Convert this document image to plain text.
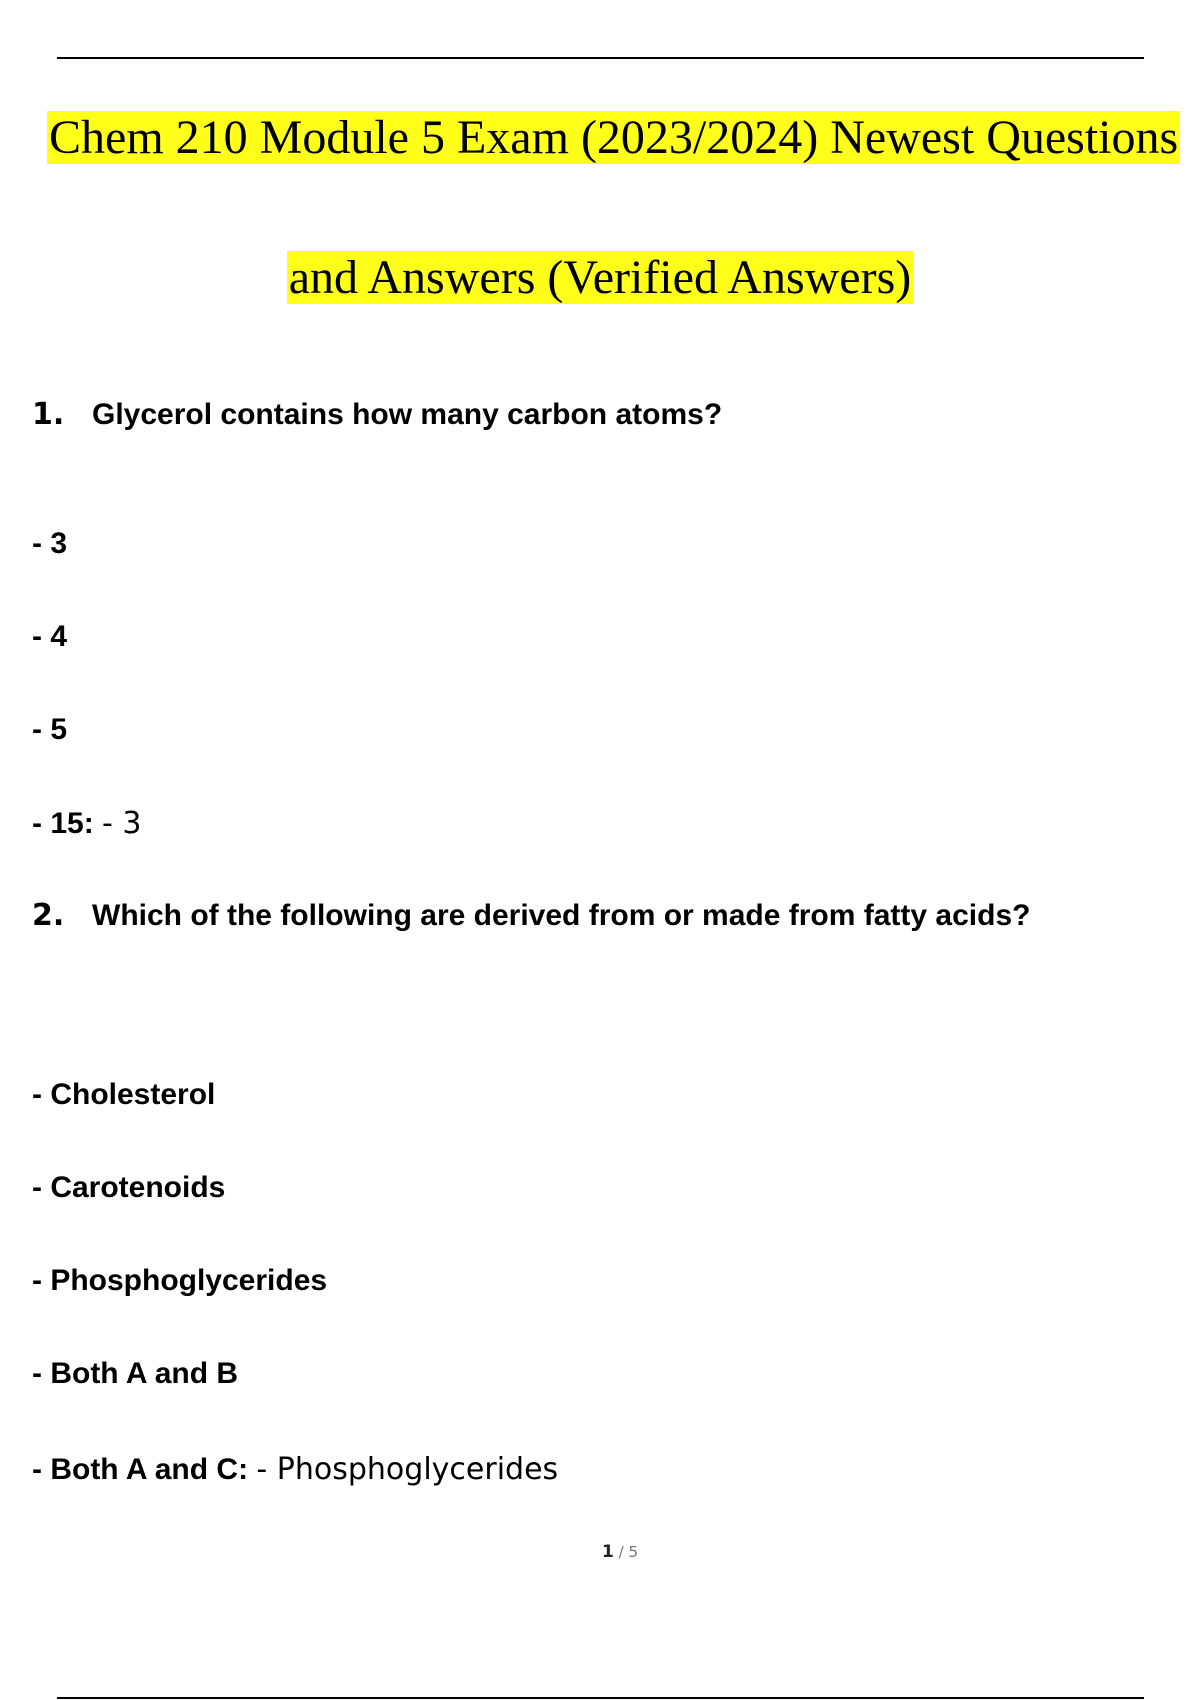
Chem 210 Module 5 Exam (2023/2024) Newest Questions
and Answers (Verified Answers)
1. Glycerol contains how many carbon atoms?
- 3
- 4
- 5
- 15: - 3
2. Which of the following are derived from or made from fatty acids?
- Cholesterol
- Carotenoids
- Phosphoglycerides
- Both A and B
- Both A and C: - Phosphoglycerides
1 / 5
